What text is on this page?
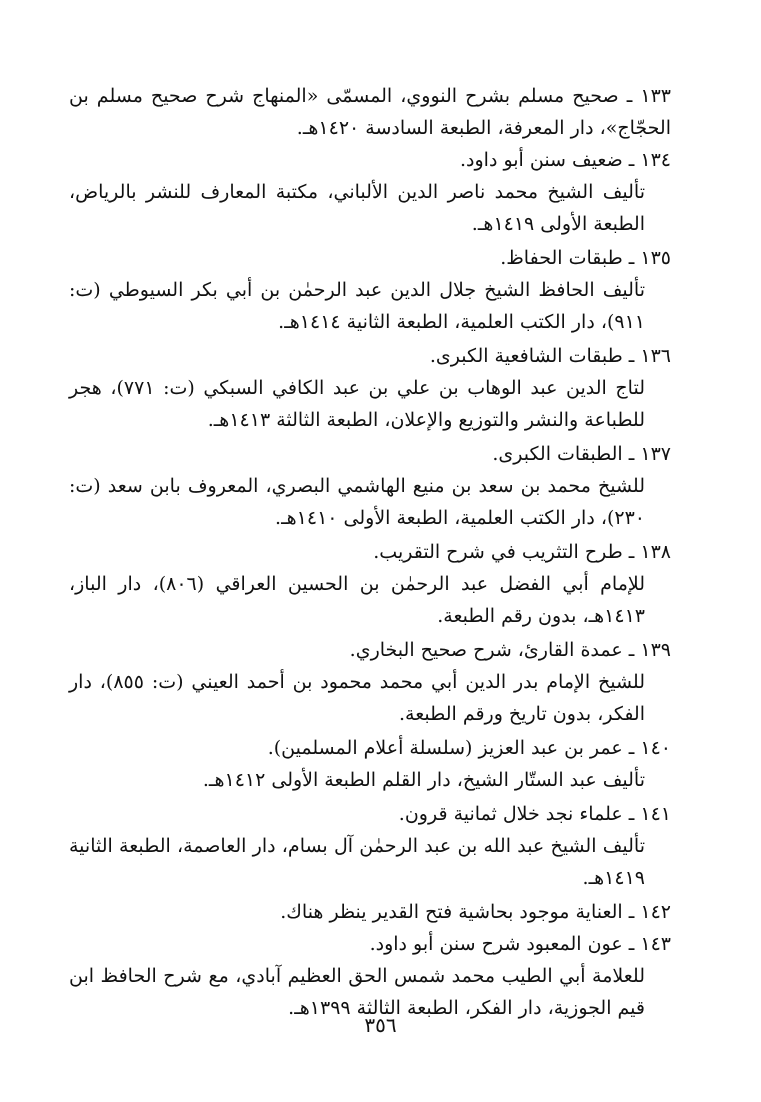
١٣٣ ـ صحيح مسلم بشرح النووي، المسمّى «المنهاج شرح صحيح مسلم بن الحجّاج»، دار المعرفة، الطبعة السادسة ١٤٢٠هـ.
١٣٤ ـ ضعيف سنن أبو داود.
تأليف الشيخ محمد ناصر الدين الألباني، مكتبة المعارف للنشر بالرياض، الطبعة الأولى ١٤١٩هـ.
١٣٥ ـ طبقات الحفاظ.
تأليف الحافظ الشيخ جلال الدين عبد الرحمٰن بن أبي بكر السيوطي (ت: ٩١١)، دار الكتب العلمية، الطبعة الثانية ١٤١٤هـ.
١٣٦ ـ طبقات الشافعية الكبرى.
لتاج الدين عبد الوهاب بن علي بن عبد الكافي السبكي (ت: ٧٧١)، هجر للطباعة والنشر والتوزيع والإعلان، الطبعة الثالثة ١٤١٣هـ.
١٣٧ ـ الطبقات الكبرى.
للشيخ محمد بن سعد بن منيع الهاشمي البصري، المعروف بابن سعد (ت: ٢٣٠)، دار الكتب العلمية، الطبعة الأولى ١٤١٠هـ.
١٣٨ ـ طرح التثريب في شرح التقريب.
للإمام أبي الفضل عبد الرحمٰن بن الحسين العراقي (٨٠٦)، دار الباز، ١٤١٣هـ، بدون رقم الطبعة.
١٣٩ ـ عمدة القارئ، شرح صحيح البخاري.
للشيخ الإمام بدر الدين أبي محمد محمود بن أحمد العيني (ت: ٨٥٥)، دار الفكر، بدون تاريخ ورقم الطبعة.
١٤٠ ـ عمر بن عبد العزيز (سلسلة أعلام المسلمين).
تأليف عبد الستّار الشيخ، دار القلم الطبعة الأولى ١٤١٢هـ.
١٤١ ـ علماء نجد خلال ثمانية قرون.
تأليف الشيخ عبد الله بن عبد الرحمٰن آل بسام، دار العاصمة، الطبعة الثانية ١٤١٩هـ.
١٤٢ ـ العناية موجود بحاشية فتح القدير ينظر هناك.
١٤٣ ـ عون المعبود شرح سنن أبو داود.
للعلامة أبي الطيب محمد شمس الحق العظيم آبادي، مع شرح الحافظ ابن قيم الجوزية، دار الفكر، الطبعة الثالثة ١٣٩٩هـ.
٣٥٦
